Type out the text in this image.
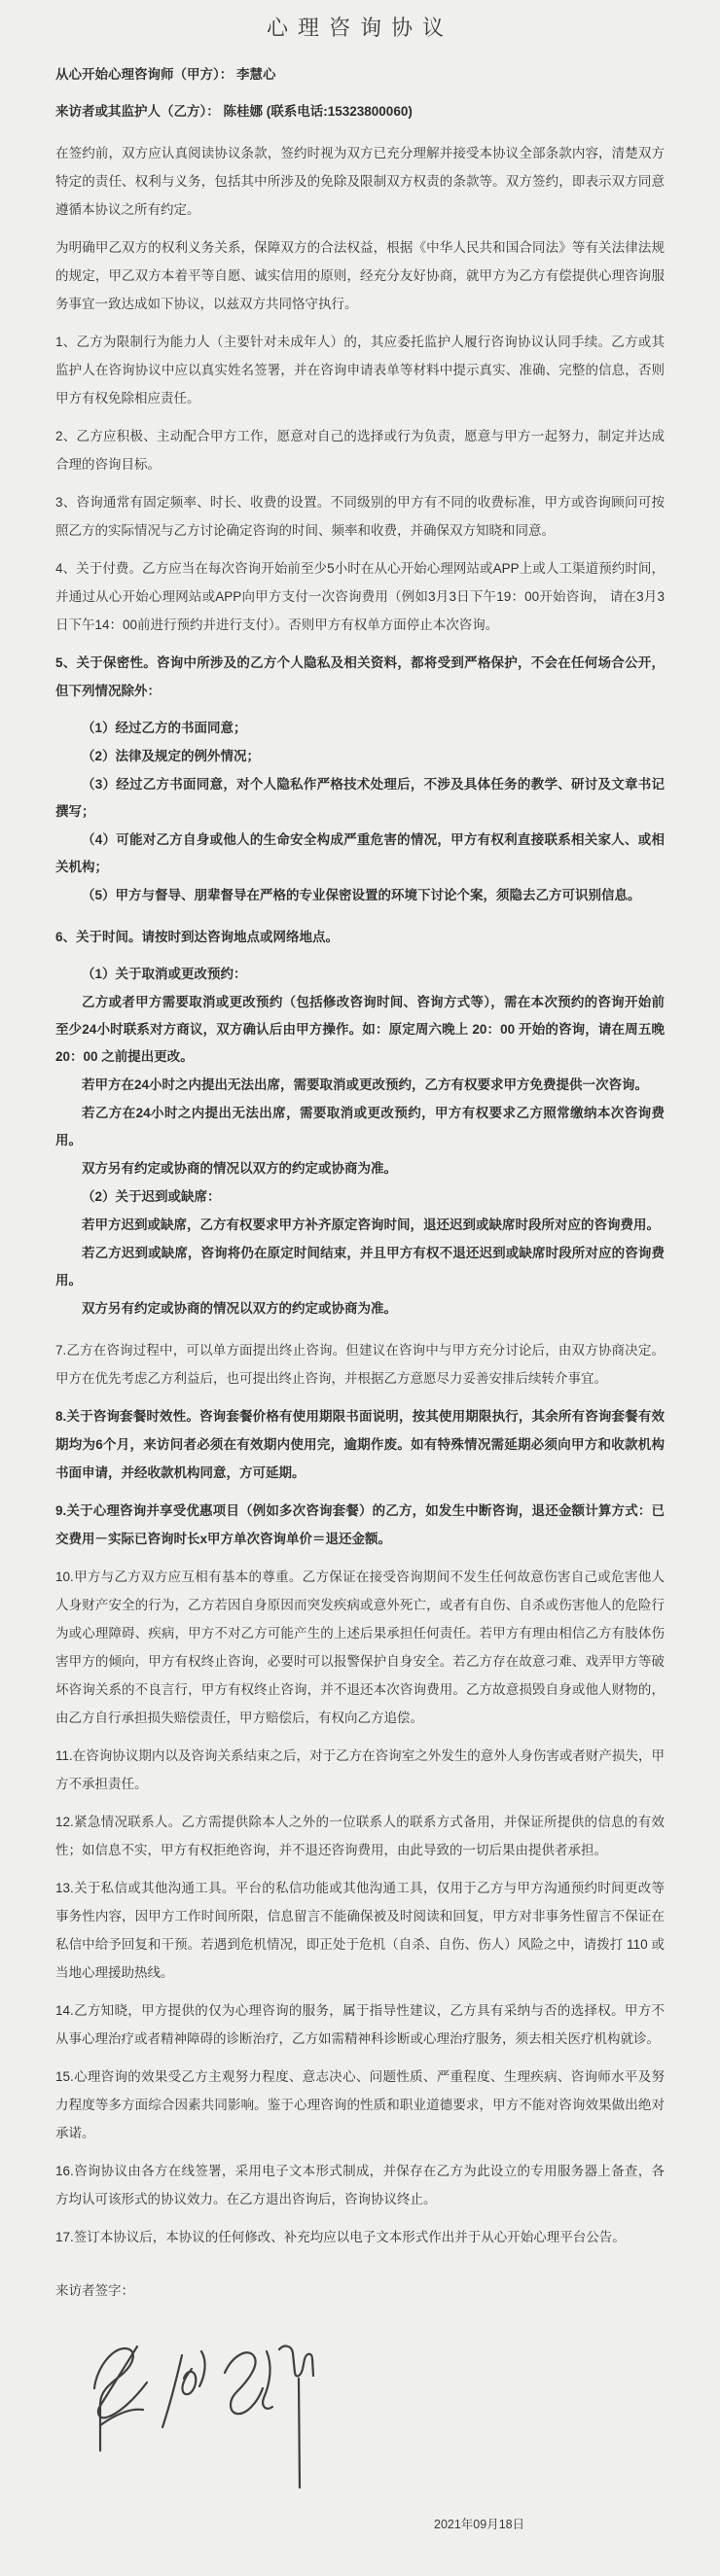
心理咨询协议

从心开始心理咨询师（甲方）： 李慧心

来访者或其监护人（乙方）： 陈桂娜 (联系电话:15323800060)

在签约前，双方应认真阅读协议条款，签约时视为双方已充分理解并接受本协议全部条款内容，清楚双方特定的责任、权利与义务，包括其中所涉及的免除及限制双方权责的条款等。双方签约，即表示双方同意遵循本协议之所有约定。

为明确甲乙双方的权利义务关系，保障双方的合法权益，根据《中华人民共和国合同法》等有关法律法规的规定，甲乙双方本着平等自愿、诚实信用的原则，经充分友好协商，就甲方为乙方有偿提供心理咨询服务事宜一致达成如下协议，以兹双方共同恪守执行。

1、乙方为限制行为能力人（主要针对未成年人）的，其应委托监护人履行咨询协议认同手续。乙方或其监护人在咨询协议中应以真实姓名签署，并在咨询申请表单等材料中提示真实、准确、完整的信息，否则甲方有权免除相应责任。

2、乙方应积极、主动配合甲方工作，愿意对自己的选择或行为负责，愿意与甲方一起努力，制定并达成合理的咨询目标。

3、咨询通常有固定频率、时长、收费的设置。不同级别的甲方有不同的收费标准，甲方或咨询顾问可按照乙方的实际情况与乙方讨论确定咨询的时间、频率和收费，并确保双方知晓和同意。

4、关于付费。乙方应当在每次咨询开始前至少5小时在从心开始心理网站或APP上或人工渠道预约时间，并通过从心开始心理网站或APP向甲方支付一次咨询费用（例如3月3日下午19：00开始咨询， 请在3月3日下午14：00前进行预约并进行支付）。否则甲方有权单方面停止本次咨询。

5、关于保密性。咨询中所涉及的乙方个人隐私及相关资料，都将受到严格保护，不会在任何场合公开，但下列情况除外：

（1）经过乙方的书面同意；

（2）法律及规定的例外情况；

（3）经过乙方书面同意，对个人隐私作严格技术处理后，不涉及具体任务的教学、研讨及文章书记撰写；

（4）可能对乙方自身或他人的生命安全构成严重危害的情况，甲方有权利直接联系相关家人、或相关机构；

（5）甲方与督导、朋辈督导在严格的专业保密设置的环境下讨论个案，须隐去乙方可识别信息。

6、关于时间。请按时到达咨询地点或网络地点。

（1）关于取消或更改预约：

乙方或者甲方需要取消或更改预约（包括修改咨询时间、咨询方式等），需在本次预约的咨询开始前至少24小时联系对方商议，双方确认后由甲方操作。如：原定周六晚上 20：00 开始的咨询，请在周五晚 20：00 之前提出更改。

若甲方在24小时之内提出无法出席，需要取消或更改预约，乙方有权要求甲方免费提供一次咨询。

若乙方在24小时之内提出无法出席，需要取消或更改预约，甲方有权要求乙方照常缴纳本次咨询费用。

双方另有约定或协商的情况以双方的约定或协商为准。

（2）关于迟到或缺席：

若甲方迟到或缺席，乙方有权要求甲方补齐原定咨询时间，退还迟到或缺席时段所对应的咨询费用。

若乙方迟到或缺席，咨询将仍在原定时间结束，并且甲方有权不退还迟到或缺席时段所对应的咨询费用。

双方另有约定或协商的情况以双方的约定或协商为准。

7.乙方在咨询过程中，可以单方面提出终止咨询。但建议在咨询中与甲方充分讨论后，由双方协商决定。甲方在优先考虑乙方利益后，也可提出终止咨询，并根据乙方意愿尽力妥善安排后续转介事宜。

8.关于咨询套餐时效性。咨询套餐价格有使用期限书面说明，按其使用期限执行，其余所有咨询套餐有效期均为6个月，来访问者必须在有效期内使用完，逾期作废。如有特殊情况需延期必须向甲方和收款机构书面申请，并经收款机构同意，方可延期。

9.关于心理咨询并享受优惠项目（例如多次咨询套餐）的乙方，如发生中断咨询，退还金额计算方式：已交费用－实际已咨询时长x甲方单次咨询单价＝退还金额。

10.甲方与乙方双方应互相有基本的尊重。乙方保证在接受咨询期间不发生任何故意伤害自己或危害他人人身财产安全的行为，乙方若因自身原因而突发疾病或意外死亡，或者有自伤、自杀或伤害他人的危险行为或心理障碍、疾病，甲方不对乙方可能产生的上述后果承担任何责任。若甲方有理由相信乙方有肢体伤害甲方的倾向，甲方有权终止咨询，必要时可以报警保护自身安全。若乙方存在故意刁难、戏弄甲方等破坏咨询关系的不良言行，甲方有权终止咨询，并不退还本次咨询费用。乙方故意损毁自身或他人财物的，由乙方自行承担损失赔偿责任，甲方赔偿后，有权向乙方追偿。

11.在咨询协议期内以及咨询关系结束之后，对于乙方在咨询室之外发生的意外人身伤害或者财产损失，甲方不承担责任。

12.紧急情况联系人。乙方需提供除本人之外的一位联系人的联系方式备用，并保证所提供的信息的有效性；如信息不实，甲方有权拒绝咨询，并不退还咨询费用，由此导致的一切后果由提供者承担。

13.关于私信或其他沟通工具。平台的私信功能或其他沟通工具，仅用于乙方与甲方沟通预约时间更改等事务性内容，因甲方工作时间所限，信息留言不能确保被及时阅读和回复，甲方对非事务性留言不保证在私信中给予回复和干预。若遇到危机情况，即正处于危机（自杀、自伤、伤人）风险之中，请拨打 110 或当地心理援助热线。

14.乙方知晓，甲方提供的仅为心理咨询的服务，属于指导性建议，乙方具有采纳与否的选择权。甲方不从事心理治疗或者精神障碍的诊断治疗，乙方如需精神科诊断或心理治疗服务，须去相关医疗机构就诊。

15.心理咨询的效果受乙方主观努力程度、意志决心、问题性质、严重程度、生理疾病、咨询师水平及努力程度等多方面综合因素共同影响。鉴于心理咨询的性质和职业道德要求，甲方不能对咨询效果做出绝对承诺。

16.咨询协议由各方在线签署，采用电子文本形式制成，并保存在乙方为此设立的专用服务器上备查，各方均认可该形式的协议效力。在乙方退出咨询后，咨询协议终止。

17.签订本协议后，本协议的任何修改、补充均应以电子文本形式作出并于从心开始心理平台公告。

来访者签字：

2021年09月18日
